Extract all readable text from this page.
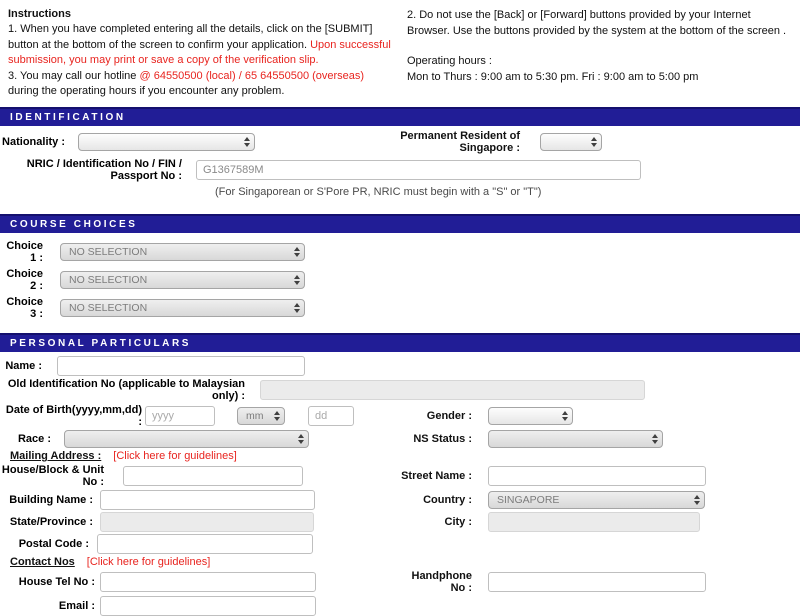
Instructions
1. When you have completed entering all the details, click on the [SUBMIT] button at the bottom of the screen to confirm your application. Upon successful submission, you may print or save a copy of the verification slip.
3. You may call our hotline @ 64550500 (local) / 65 64550500 (overseas) during the operating hours if you encounter any problem.
2. Do not use the [Back] or [Forward] buttons provided by your Internet Browser. Use the buttons provided by the system at the bottom of the screen .
Operating hours :
Mon to Thurs : 9:00 am to 5:30 pm. Fri : 9:00 am to 5:00 pm
IDENTIFICATION
Nationality :	Permanent Resident of Singapore :
NRIC / Identification No / FIN / Passport No :
G1367589M
(For Singaporean or S'Pore PR, NRIC must begin with a "S" or "T")
COURSE CHOICES
Choice 1 :	NO SELECTION
Choice 2 :	NO SELECTION
Choice 3 :	NO SELECTION
PERSONAL PARTICULARS
Name :
Old Identification No (applicable to Malaysian only) :
Date of Birth(yyyy,mm,dd) :
yyyy	mm
dd	Gender :
Race :	NS Status :
Mailing Address : [Click here for guidelines]
House/Block & Unit No :	Street Name :
Building Name :	Country :	SINGAPORE
State/Province :	City :
Postal Code :
Contact Nos [Click here for guidelines]
House Tel No :	Handphone No :
Email :
